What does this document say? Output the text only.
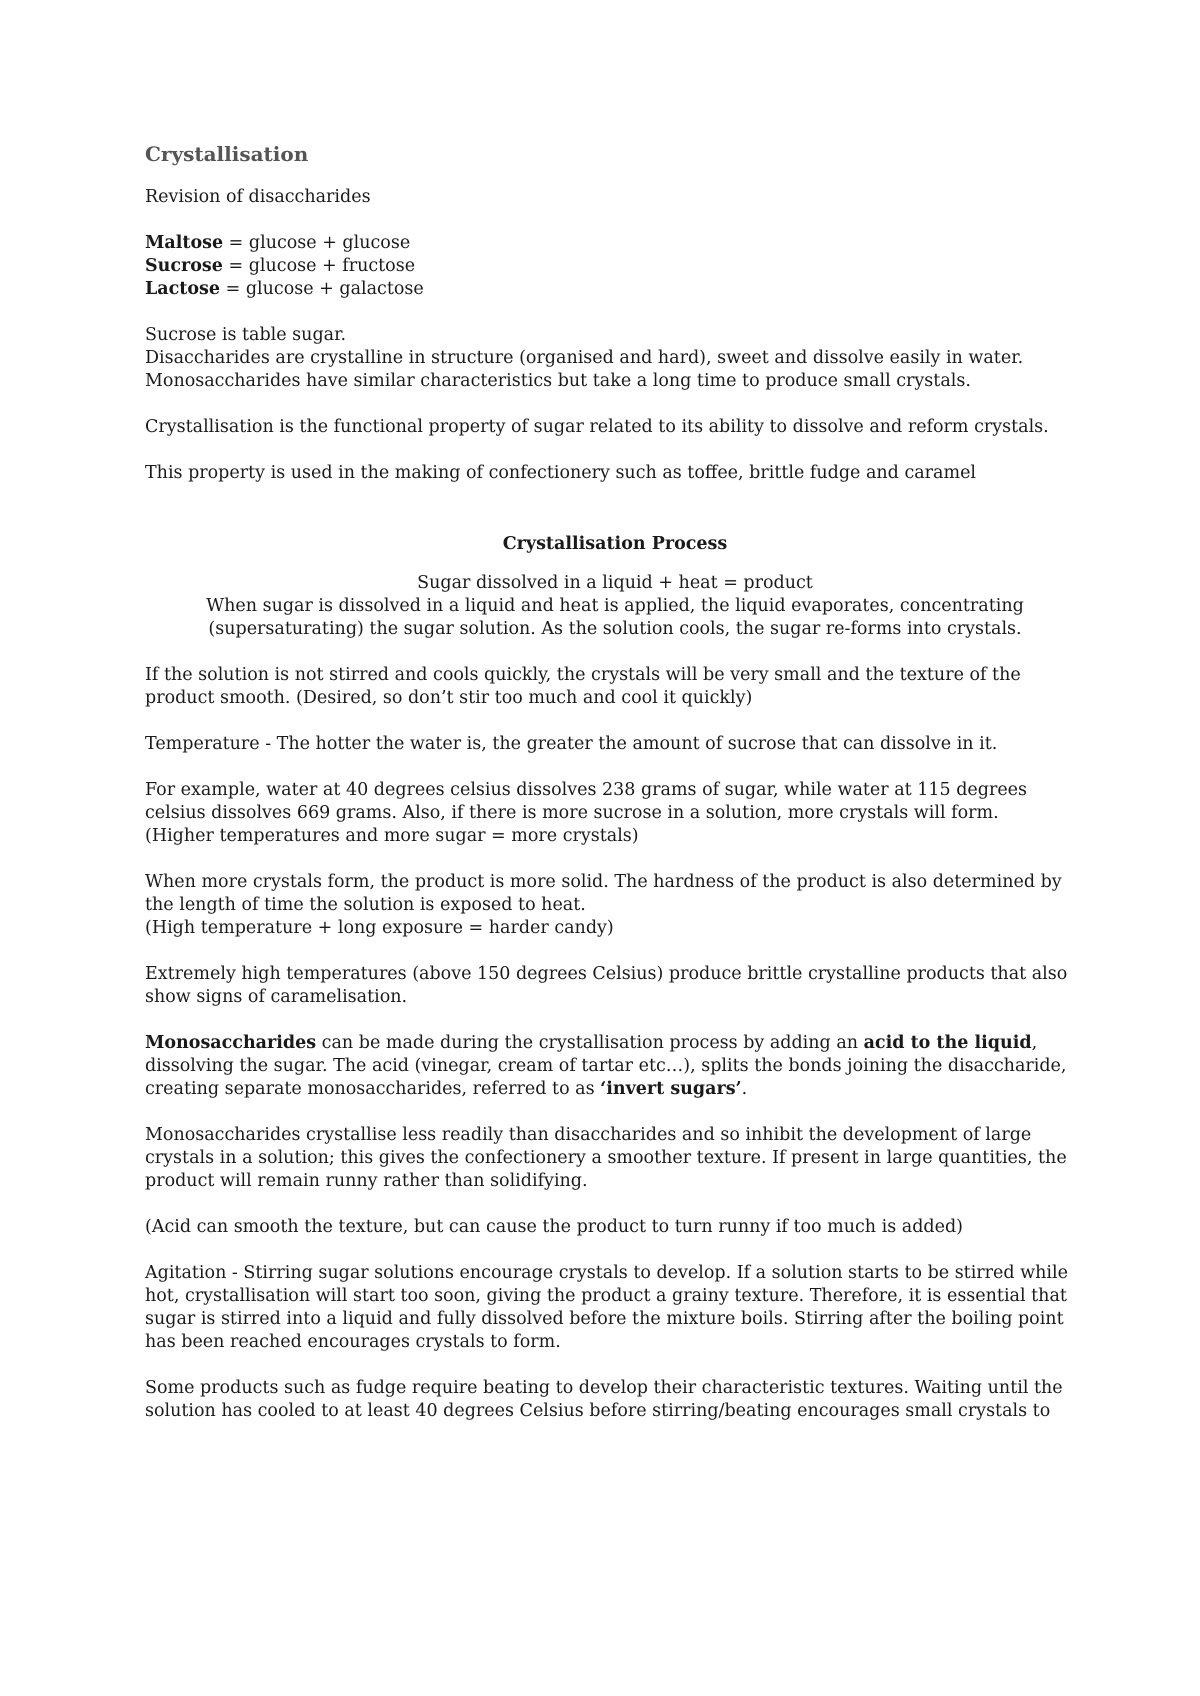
Crystallisation

Revision of disaccharides

Maltose = glucose + glucose
Sucrose = glucose + fructose
Lactose = glucose + galactose

Sucrose is table sugar.
Disaccharides are crystalline in structure (organised and hard), sweet and dissolve easily in water.
Monosaccharides have similar characteristics but take a long time to produce small crystals.

Crystallisation is the functional property of sugar related to its ability to dissolve and reform crystals.

This property is used in the making of confectionery such as toffee, brittle fudge and caramel

Crystallisation Process

Sugar dissolved in a liquid + heat = product
When sugar is dissolved in a liquid and heat is applied, the liquid evaporates, concentrating
(supersaturating) the sugar solution. As the solution cools, the sugar re-forms into crystals.

If the solution is not stirred and cools quickly, the crystals will be very small and the texture of the product smooth. (Desired, so don’t stir too much and cool it quickly)

Temperature - The hotter the water is, the greater the amount of sucrose that can dissolve in it.

For example, water at 40 degrees celsius dissolves 238 grams of sugar, while water at 115 degrees celsius dissolves 669 grams. Also, if there is more sucrose in a solution, more crystals will form.
(Higher temperatures and more sugar = more crystals)

When more crystals form, the product is more solid. The hardness of the product is also determined by the length of time the solution is exposed to heat.
(High temperature + long exposure = harder candy)

Extremely high temperatures (above 150 degrees Celsius) produce brittle crystalline products that also show signs of caramelisation.

Monosaccharides can be made during the crystallisation process by adding an acid to the liquid, dissolving the sugar. The acid (vinegar, cream of tartar etc…), splits the bonds joining the disaccharide, creating separate monosaccharides, referred to as ‘invert sugars’.

Monosaccharides crystallise less readily than disaccharides and so inhibit the development of large crystals in a solution; this gives the confectionery a smoother texture. If present in large quantities, the product will remain runny rather than solidifying.

(Acid can smooth the texture, but can cause the product to turn runny if too much is added)

Agitation - Stirring sugar solutions encourage crystals to develop. If a solution starts to be stirred while hot, crystallisation will start too soon, giving the product a grainy texture. Therefore, it is essential that sugar is stirred into a liquid and fully dissolved before the mixture boils. Stirring after the boiling point has been reached encourages crystals to form.

Some products such as fudge require beating to develop their characteristic textures. Waiting until the solution has cooled to at least 40 degrees Celsius before stirring/beating encourages small crystals to
